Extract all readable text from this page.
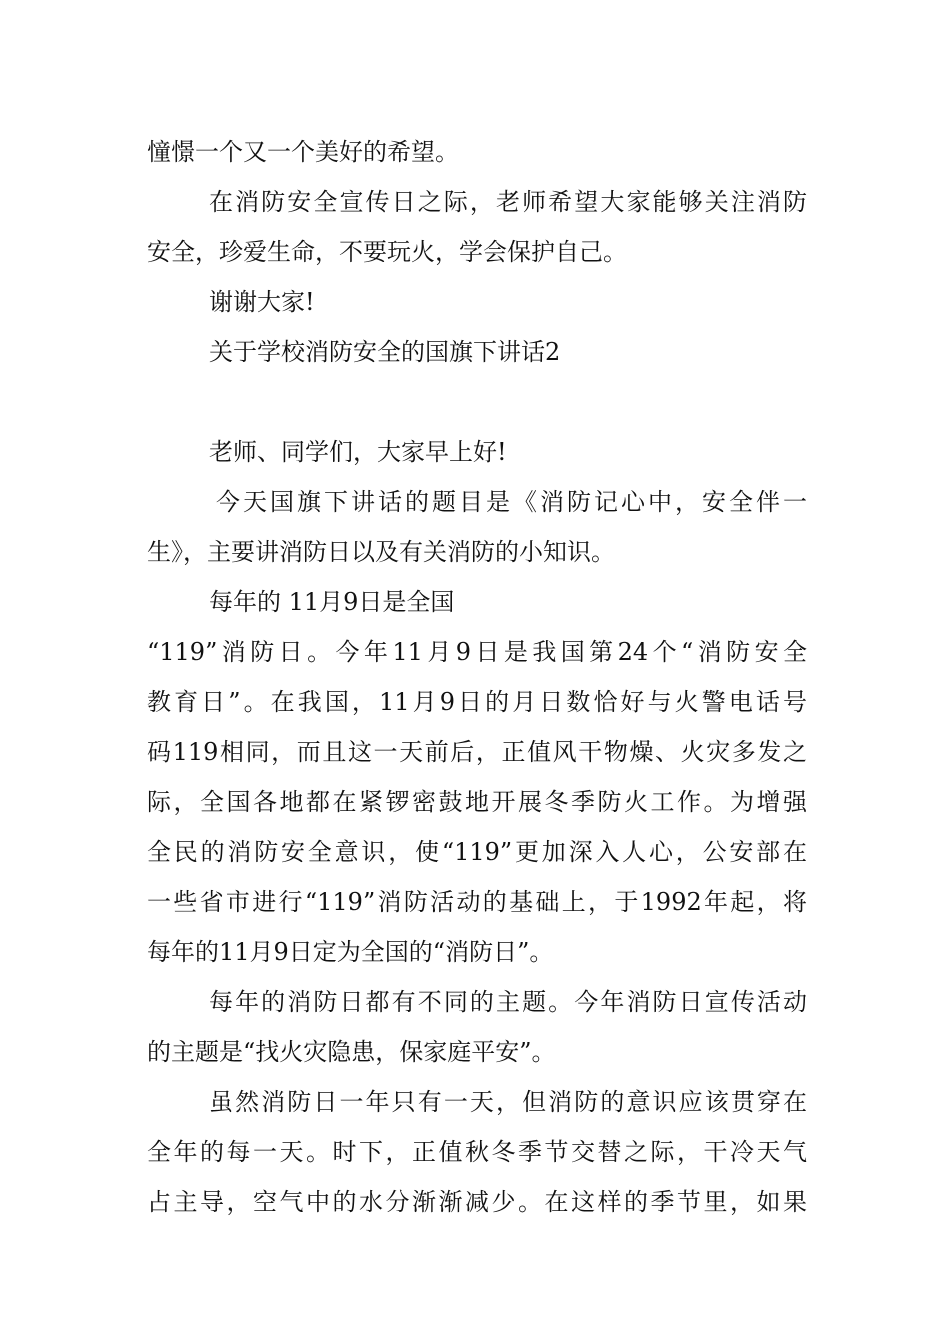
憧憬一个又一个美好的希望。
在消防安全宣传日之际，老师希望大家能够关注消防
安全，珍爱生命，不要玩火，学会保护自己。
谢谢大家!
关于学校消防安全的国旗下讲话2
老师、同学们，大家早上好!
今天国旗下讲话的题目是《消防记心中，安全伴一
生》，主要讲消防日以及有关消防的小知识。
每年的 11月9日是全国
“119”消防日。今年11月9日是我国第24个“消防安全
教育日”。在我国，11月9日的月日数恰好与火警电话号
码119相同，而且这一天前后，正值风干物燥、火灾多发之
际，全国各地都在紧锣密鼓地开展冬季防火工作。为增强
全民的消防安全意识，使“119”更加深入人心，公安部在
一些省市进行“119”消防活动的基础上，于1992年起，将
每年的11月9日定为全国的“消防日”。
每年的消防日都有不同的主题。今年消防日宣传活动
的主题是“找火灾隐患，保家庭平安”。
虽然消防日一年只有一天，但消防的意识应该贯穿在
全年的每一天。时下，正值秋冬季节交替之际，干冷天气
占主导，空气中的水分渐渐减少。在这样的季节里，如果
